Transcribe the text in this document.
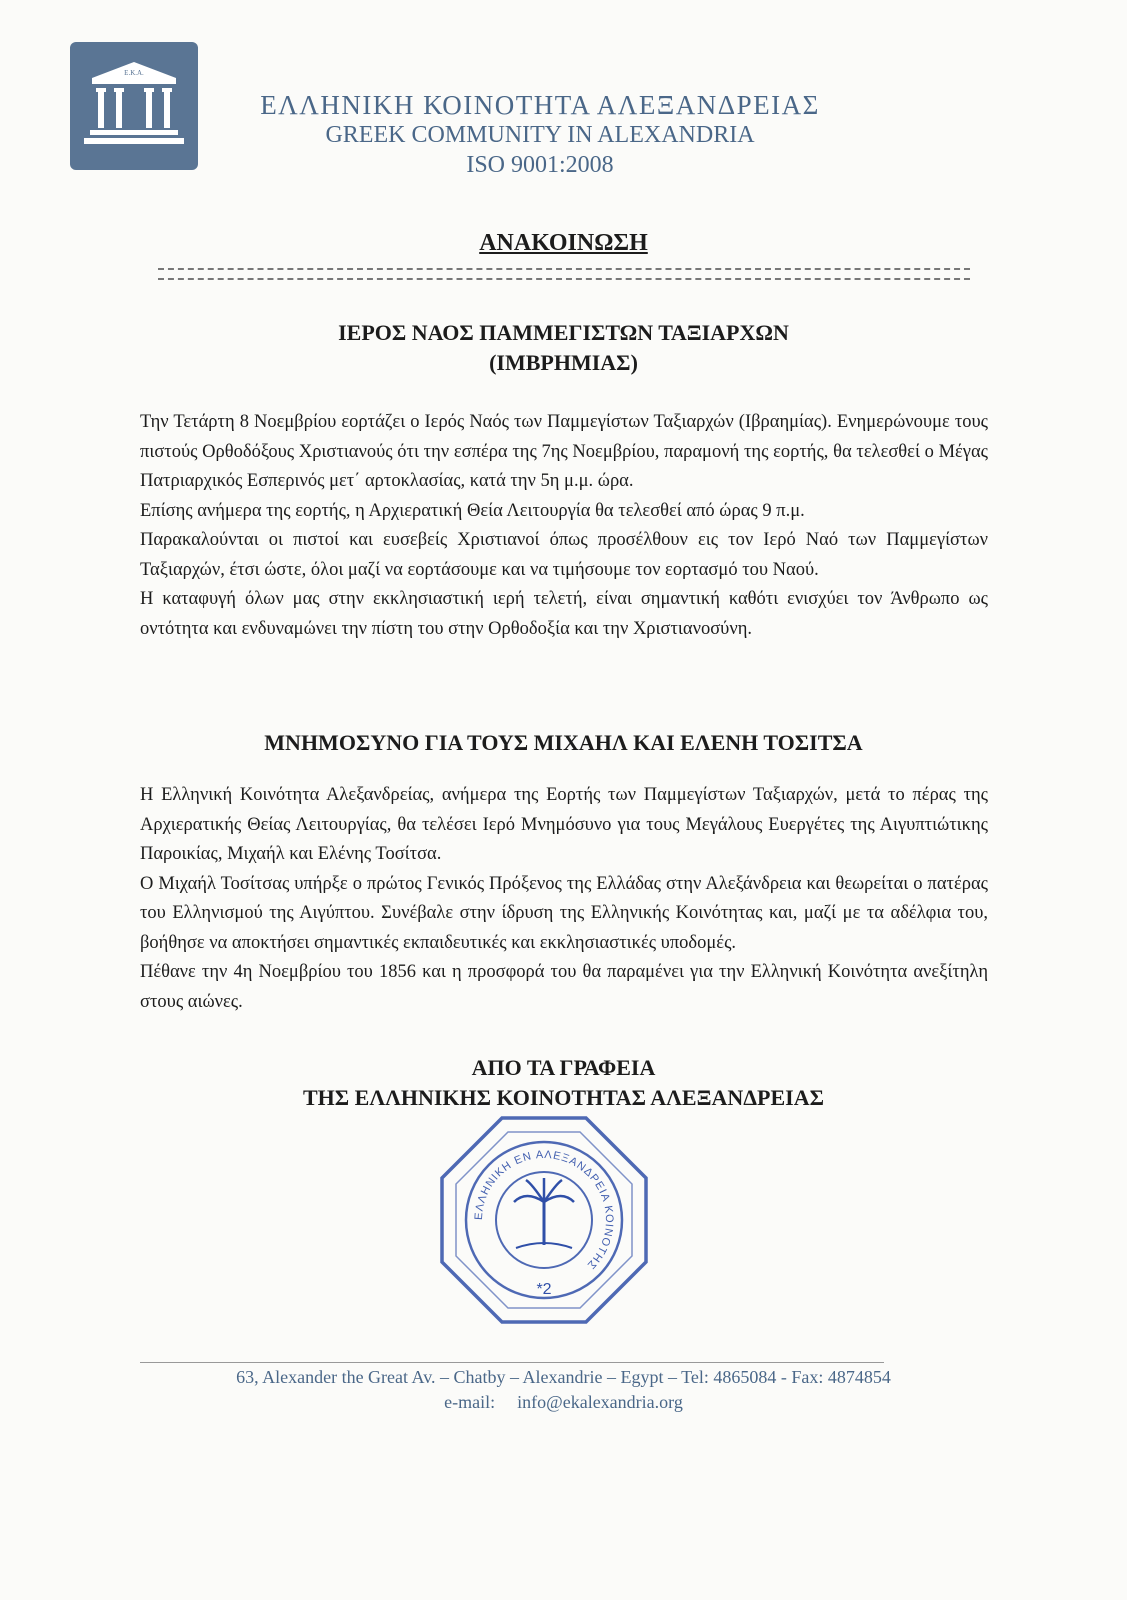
Ε.Κ.Α.
ΕΛΛΗΝΙΚΗ ΚΟΙΝΟΤΗΤΑ ΑΛΕΞΑΝΔΡΕΙΑΣ
GREEK COMMUNITY IN ALEXANDRIA
ISO 9001:2008
ΑΝΑΚΟΙΝΩΣΗ
ΙΕΡΟΣ ΝΑΟΣ ΠΑΜΜΕΓΙΣΤΩΝ ΤΑΞΙΑΡΧΩΝ
(ΙΜΒΡΗΜΙΑΣ)

Την Τετάρτη 8 Νοεμβρίου εορτάζει ο Ιερός Ναός των Παμμεγίστων Ταξιαρχών (Ιβραημίας). Ενημερώνουμε τους πιστούς Ορθοδόξους Χριστιανούς ότι την εσπέρα της 7ης Νοεμβρίου, παραμονή της εορτής, θα τελεσθεί ο Μέγας Πατριαρχικός Εσπερινός μετ΄ αρτοκλασίας, κατά την 5η μ.μ. ώρα.

Επίσης ανήμερα της εορτής, η Αρχιερατική Θεία Λειτουργία θα τελεσθεί από ώρας 9 π.μ.

Παρακαλούνται οι πιστοί και ευσεβείς Χριστιανοί όπως προσέλθουν εις τον Ιερό Ναό των Παμμεγίστων Ταξιαρχών, έτσι ώστε, όλοι μαζί να εορτάσουμε και να τιμήσουμε τον εορτασμό του Ναού.

Η καταφυγή όλων μας στην εκκλησιαστική ιερή τελετή, είναι σημαντική καθότι ενισχύει τον Άνθρωπο ως οντότητα και ενδυναμώνει την πίστη του στην Ορθοδοξία και την Χριστιανοσύνη.

ΜΝΗΜΟΣΥΝΟ ΓΙΑ ΤΟΥΣ ΜΙΧΑΗΛ ΚΑΙ ΕΛΕΝΗ ΤΟΣΙΤΣΑ

Η Ελληνική Κοινότητα Αλεξανδρείας, ανήμερα της Εορτής των Παμμεγίστων Ταξιαρχών, μετά το πέρας της Αρχιερατικής Θείας Λειτουργίας, θα τελέσει Ιερό Μνημόσυνο για τους Μεγάλους Ευεργέτες της Αιγυπτιώτικης Παροικίας, Μιχαήλ και Ελένης Τοσίτσα.

Ο Μιχαήλ Τοσίτσας υπήρξε ο πρώτος Γενικός Πρόξενος της Ελλάδας στην Αλεξάνδρεια και θεωρείται ο πατέρας του Ελληνισμού της Αιγύπτου. Συνέβαλε στην ίδρυση της Ελληνικής Κοινότητας και, μαζί με τα αδέλφια του, βοήθησε να αποκτήσει σημαντικές εκπαιδευτικές και εκκλησιαστικές υποδομές.

Πέθανε την 4η Νοεμβρίου του 1856 και η προσφορά του θα παραμένει για την Ελληνική Κοινότητα ανεξίτηλη στους αιώνες.

ΑΠΟ ΤΑ ΓΡΑΦΕΙΑ
ΤΗΣ ΕΛΛΗΝΙΚΗΣ ΚΟΙΝΟΤΗΤΑΣ ΑΛΕΞΑΝΔΡΕΙΑΣ
ΕΛΛΗΝΙΚΗ ΕΝ ΑΛΕΞΑΝΔΡΕΙΑ ΚΟΙΝΟΤΗΣ
*2
63, Alexander the Great Av. – Chatby – Alexandrie – Egypt – Tel: 4865084 - Fax: 4874854
e-mail: info@ekalexandria.org
